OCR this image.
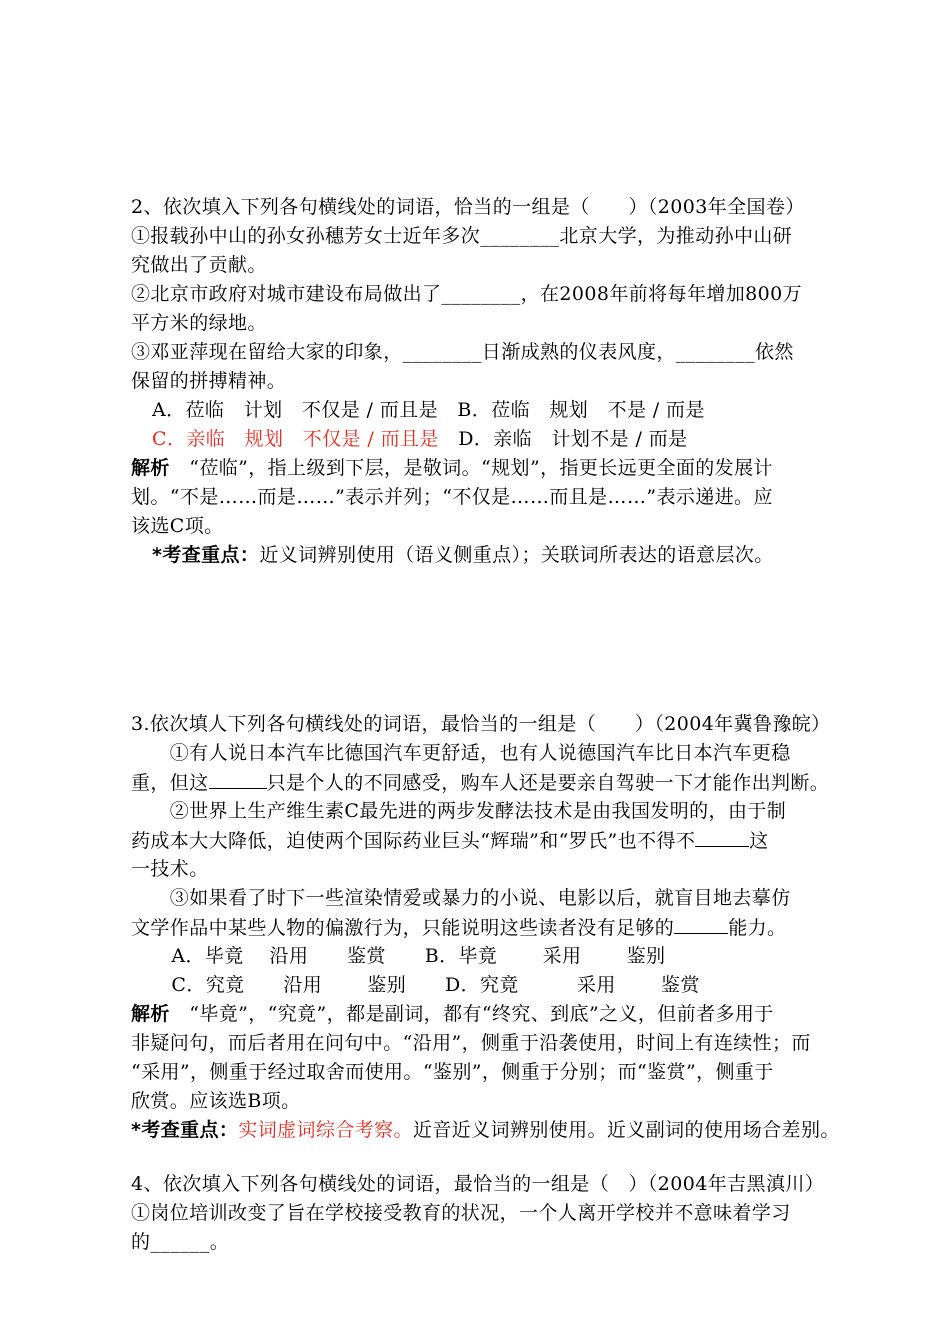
2、依次填入下列各句横线处的词语，恰当的一组是（　　）（2003年全国卷）
①报载孙中山的孙女孙穗芳女士近年多次________北京大学，为推动孙中山研
究做出了贡献。
②北京市政府对城市建设布局做出了________，在2008年前将每年增加800万
平方米的绿地。
③邓亚萍现在留给大家的印象，________日渐成熟的仪表风度，________依然
保留的拼搏精神。
A．莅临　计划　不仅是 / 而且是　B．莅临　规划　不是 / 而是
C．亲临　规划　不仅是 / 而且是　 D．亲临　计划不是 / 而是
解析　“莅临”，指上级到下层，是敬词。“规划”，指更长远更全面的发展计
划。“不是……而是……”表示并列；“不仅是……而且是……”表示递进。应
该选C项。
*考查重点：近义词辨别使用（语义侧重点）；关联词所表达的语意层次。
3.依次填人下列各句横线处的词语，最恰当的一组是（　　）（2004年冀鲁豫皖）
　　①有人说日本汽车比德国汽车更舒适，也有人说德国汽车比日本汽车更稳
重，但这	只是个人的不同感受，购车人还是要亲自驾驶一下才能作出判断。
　　②世界上生产维生素C最先进的两步发酵法技术是由我国发明的，由于制
药成本大大降低，迫使两个国际药业巨头“辉瑞”和“罗氏”也不得不	这
一技术。
　　③如果看了时下一些渲染情爱或暴力的小说、电影以后，就盲目地去摹仿
文学作品中某些人物的偏激行为，只能说明这些读者没有足够的	能力。
　A．毕竟　 沿用　　鉴赏　　B．毕竟　　 采用　　 鉴别
　C．究竟　　沿用　　 鉴别　　D．究竟　　　采用　　 鉴赏
解析　“毕竟”，“究竟”，都是副词，都有“终究、到底”之义，但前者多用于
非疑问句，而后者用在问句中。“沿用”，侧重于沿袭使用，时间上有连续性；而
“采用”，侧重于经过取舍而使用。“鉴别”，侧重于分别；而“鉴赏”，侧重于
欣赏。应该选B项。
*考查重点：实词虚词综合考察。近音近义词辨别使用。近义副词的使用场合差别。
4、依次填入下列各句横线处的词语，最恰当的一组是（　）（2004年吉黑滇川）
①岗位培训改变了旨在学校接受教育的状况，一个人离开学校并不意味着学习
的______。
